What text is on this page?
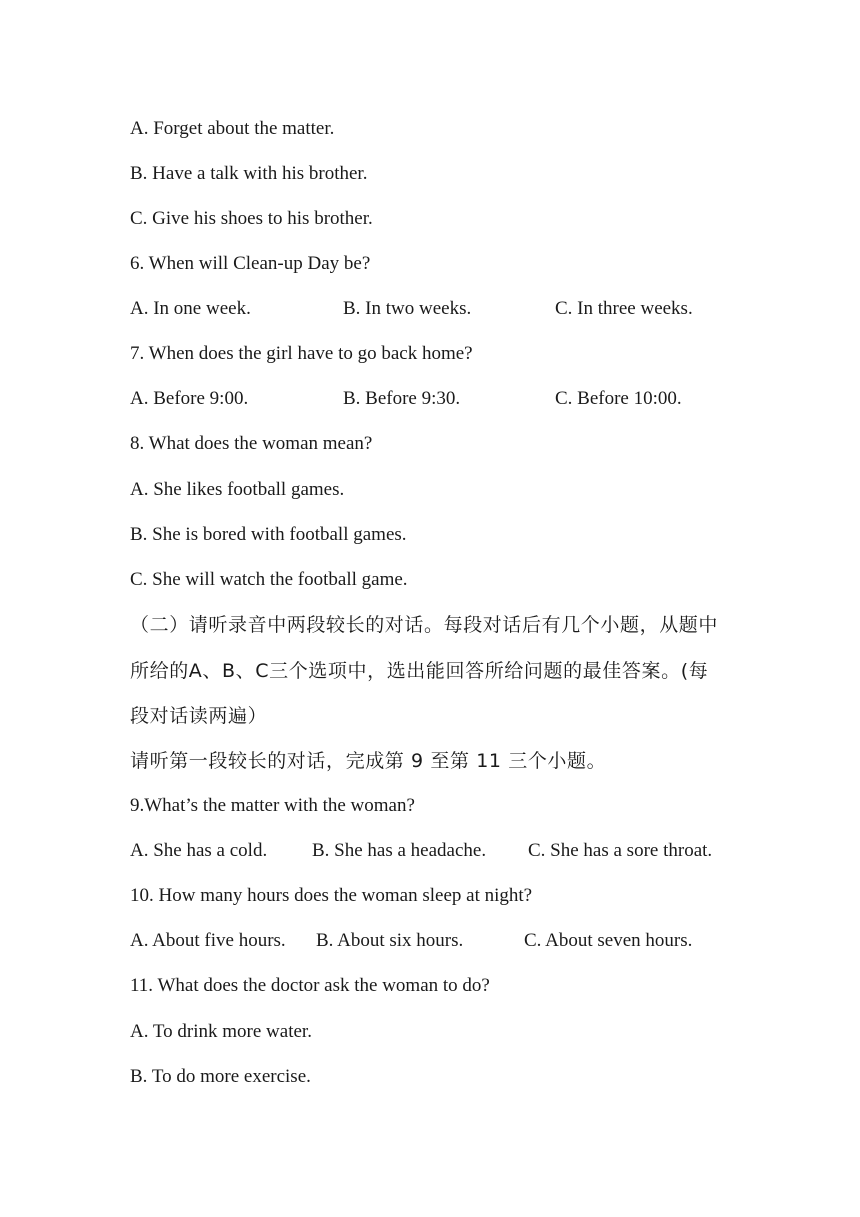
A. Forget about the matter.
B. Have a talk with his brother.
C. Give his shoes to his brother.
6. When will Clean-up Day be?
A. In one week.	B. In two weeks.	C. In three weeks.
7. When does the girl have to go back home?
A. Before 9:00.	B. Before 9:30.	C. Before 10:00.
8. What does the woman mean?
A. She likes football games.
B. She is bored with football games.
C. She will watch the football game.
（二）请听录音中两段较长的对话。每段对话后有几个小题，从题中
所给的A、B、C三个选项中，选出能回答所给问题的最佳答案。(每
段对话读两遍）
请听第一段较长的对话，完成第 9 至第 11 三个小题。
9.What’s the matter with the woman?
A. She has a cold. B. She has a headache. C. She has a sore throat.
10. How many hours does the woman sleep at night?
A. About five hours. B. About six hours.	C. About seven hours.
11. What does the doctor ask the woman to do?
A. To drink more water.
B. To do more exercise.
